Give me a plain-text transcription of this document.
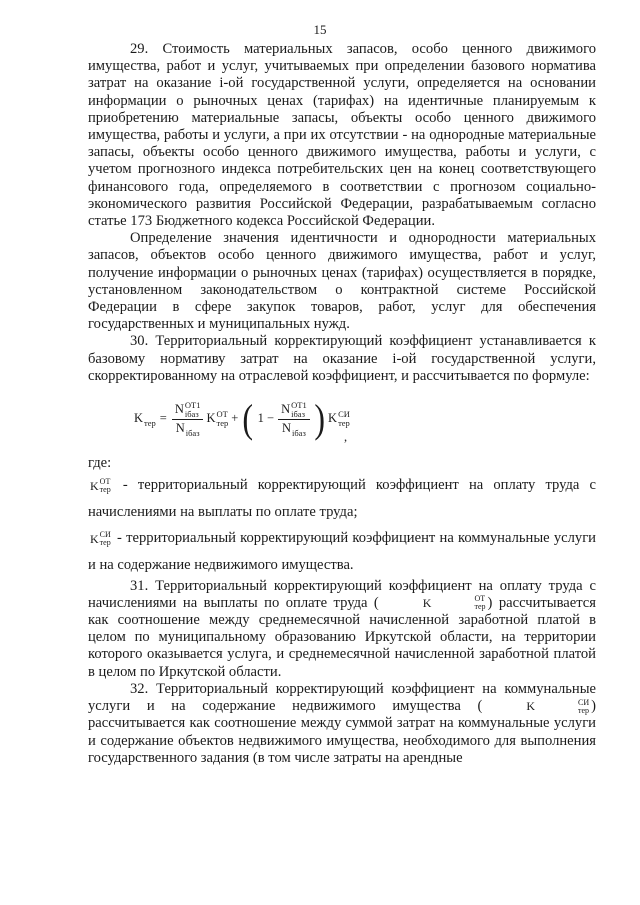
15

29. Стоимость материальных запасов, особо ценного движимого имущества, работ и услуг, учитываемых при определении базового норматива затрат на оказание i-ой государственной услуги, определяется на основании информации о рыночных ценах (тарифах) на идентичные планируемым к приобретению материальные запасы, объекты особо ценного движимого имущества, работы и услуги, а при их отсутствии - на однородные материальные запасы, объекты особо ценного движимого имущества, работы и услуги, с учетом прогнозного индекса потребительских цен на конец соответствующего финансового года, определяемого в соответствии с прогнозом социально-экономического развития Российской Федерации, разрабатываемым согласно статье 173 Бюджетного кодекса Российской Федерации.

Определение значения идентичности и однородности материальных запасов, объектов особо ценного движимого имущества, работ и услуг, получение информации о рыночных ценах (тарифах) осуществляется в порядке, установленном законодательством о контрактной системе Российской Федерации в сфере закупок товаров, работ, услуг для обеспечения государственных и муниципальных нужд.

30. Территориальный корректирующий коэффициент устанавливается к базовому нормативу затрат на оказание i-ой государственной услуги, скорректированному на отраслевой коэффициент, и рассчитывается по формуле:

K
тер = N ОТ1
iбаз
N
iбаз K ОТ
тер + ( 1 − N ОТ1
iбаз
N
iбаз ) K СИ
тер
,

где:

K ОТ
тер - территориальный корректирующий коэффициент на оплату труда с начислениями на выплаты по оплате труда;

K СИ
тер - территориальный корректирующий коэффициент на коммунальные услуги и на содержание недвижимого имущества.

31. Территориальный корректирующий коэффициент на оплату труда с начислениями на выплаты по оплате труда (	K	ОТ
тер ) рассчитывается как соотношение между среднемесячной начисленной заработной платой в целом по муниципальному образованию Иркутской области, на территории которого оказывается услуга, и среднемесячной начисленной заработной платой в целом по Иркутской области.

32. Территориальный корректирующий коэффициент на коммунальные услуги и на содержание недвижимого имущества (	K	СИ
тер ) рассчитывается как соотношение между суммой затрат на коммунальные услуги и содержание объектов недвижимого имущества, необходимого для выполнения государственного задания (в том числе затраты на арендные
